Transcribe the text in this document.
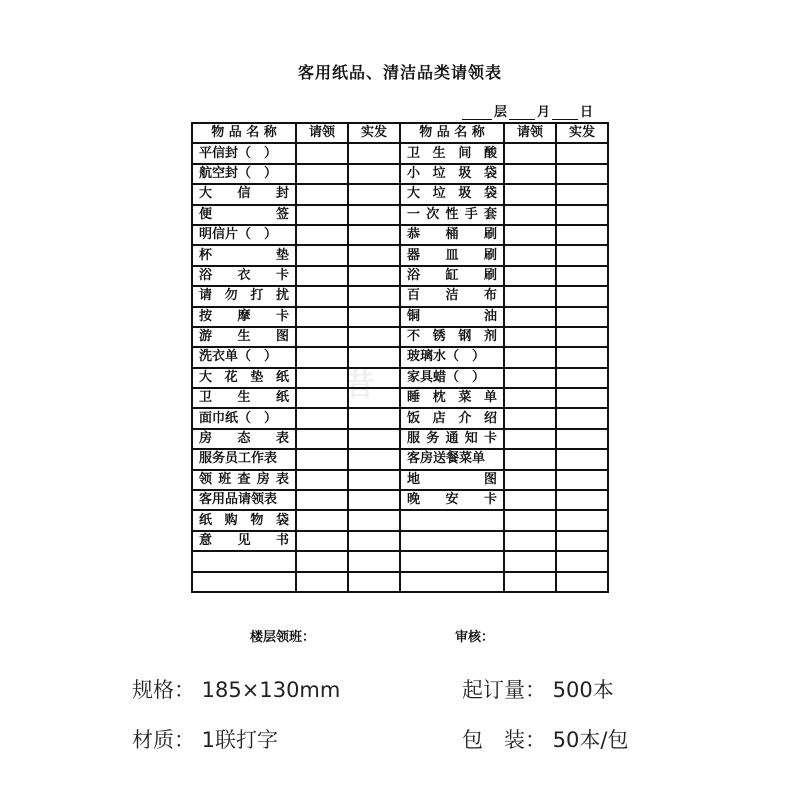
客用纸品、清洁品类请领表
层 月 日
昔
物 品 名 称	请领	实发	物 品 名 称	请领	实发
平信封（　）			卫生间酸		
航空封（　）			小垃圾袋		
大信封			大垃圾袋		
便签			一次性手套		
明信片（　）			恭桶刷		
杯垫			器皿刷		
浴衣卡			浴缸刷		
请勿打扰			百洁布		
按摩卡			铜油		
游生图			不锈钢剂		
洗衣单（　）			玻璃水（　）		
大花垫纸			家具蜡（　）		
卫生纸			睡枕菜单		
面巾纸（　）			饭店介绍		
房态表			服务通知卡		
服务员工作表			客房送餐菜单		
领班查房表			地图		
客用品请领表			晚安卡		
纸购物袋					
意见书					

楼层领班：	审核：
规格： 185×130mm	起订量： 500本
材质： 1联打字	包　装： 50本/包
